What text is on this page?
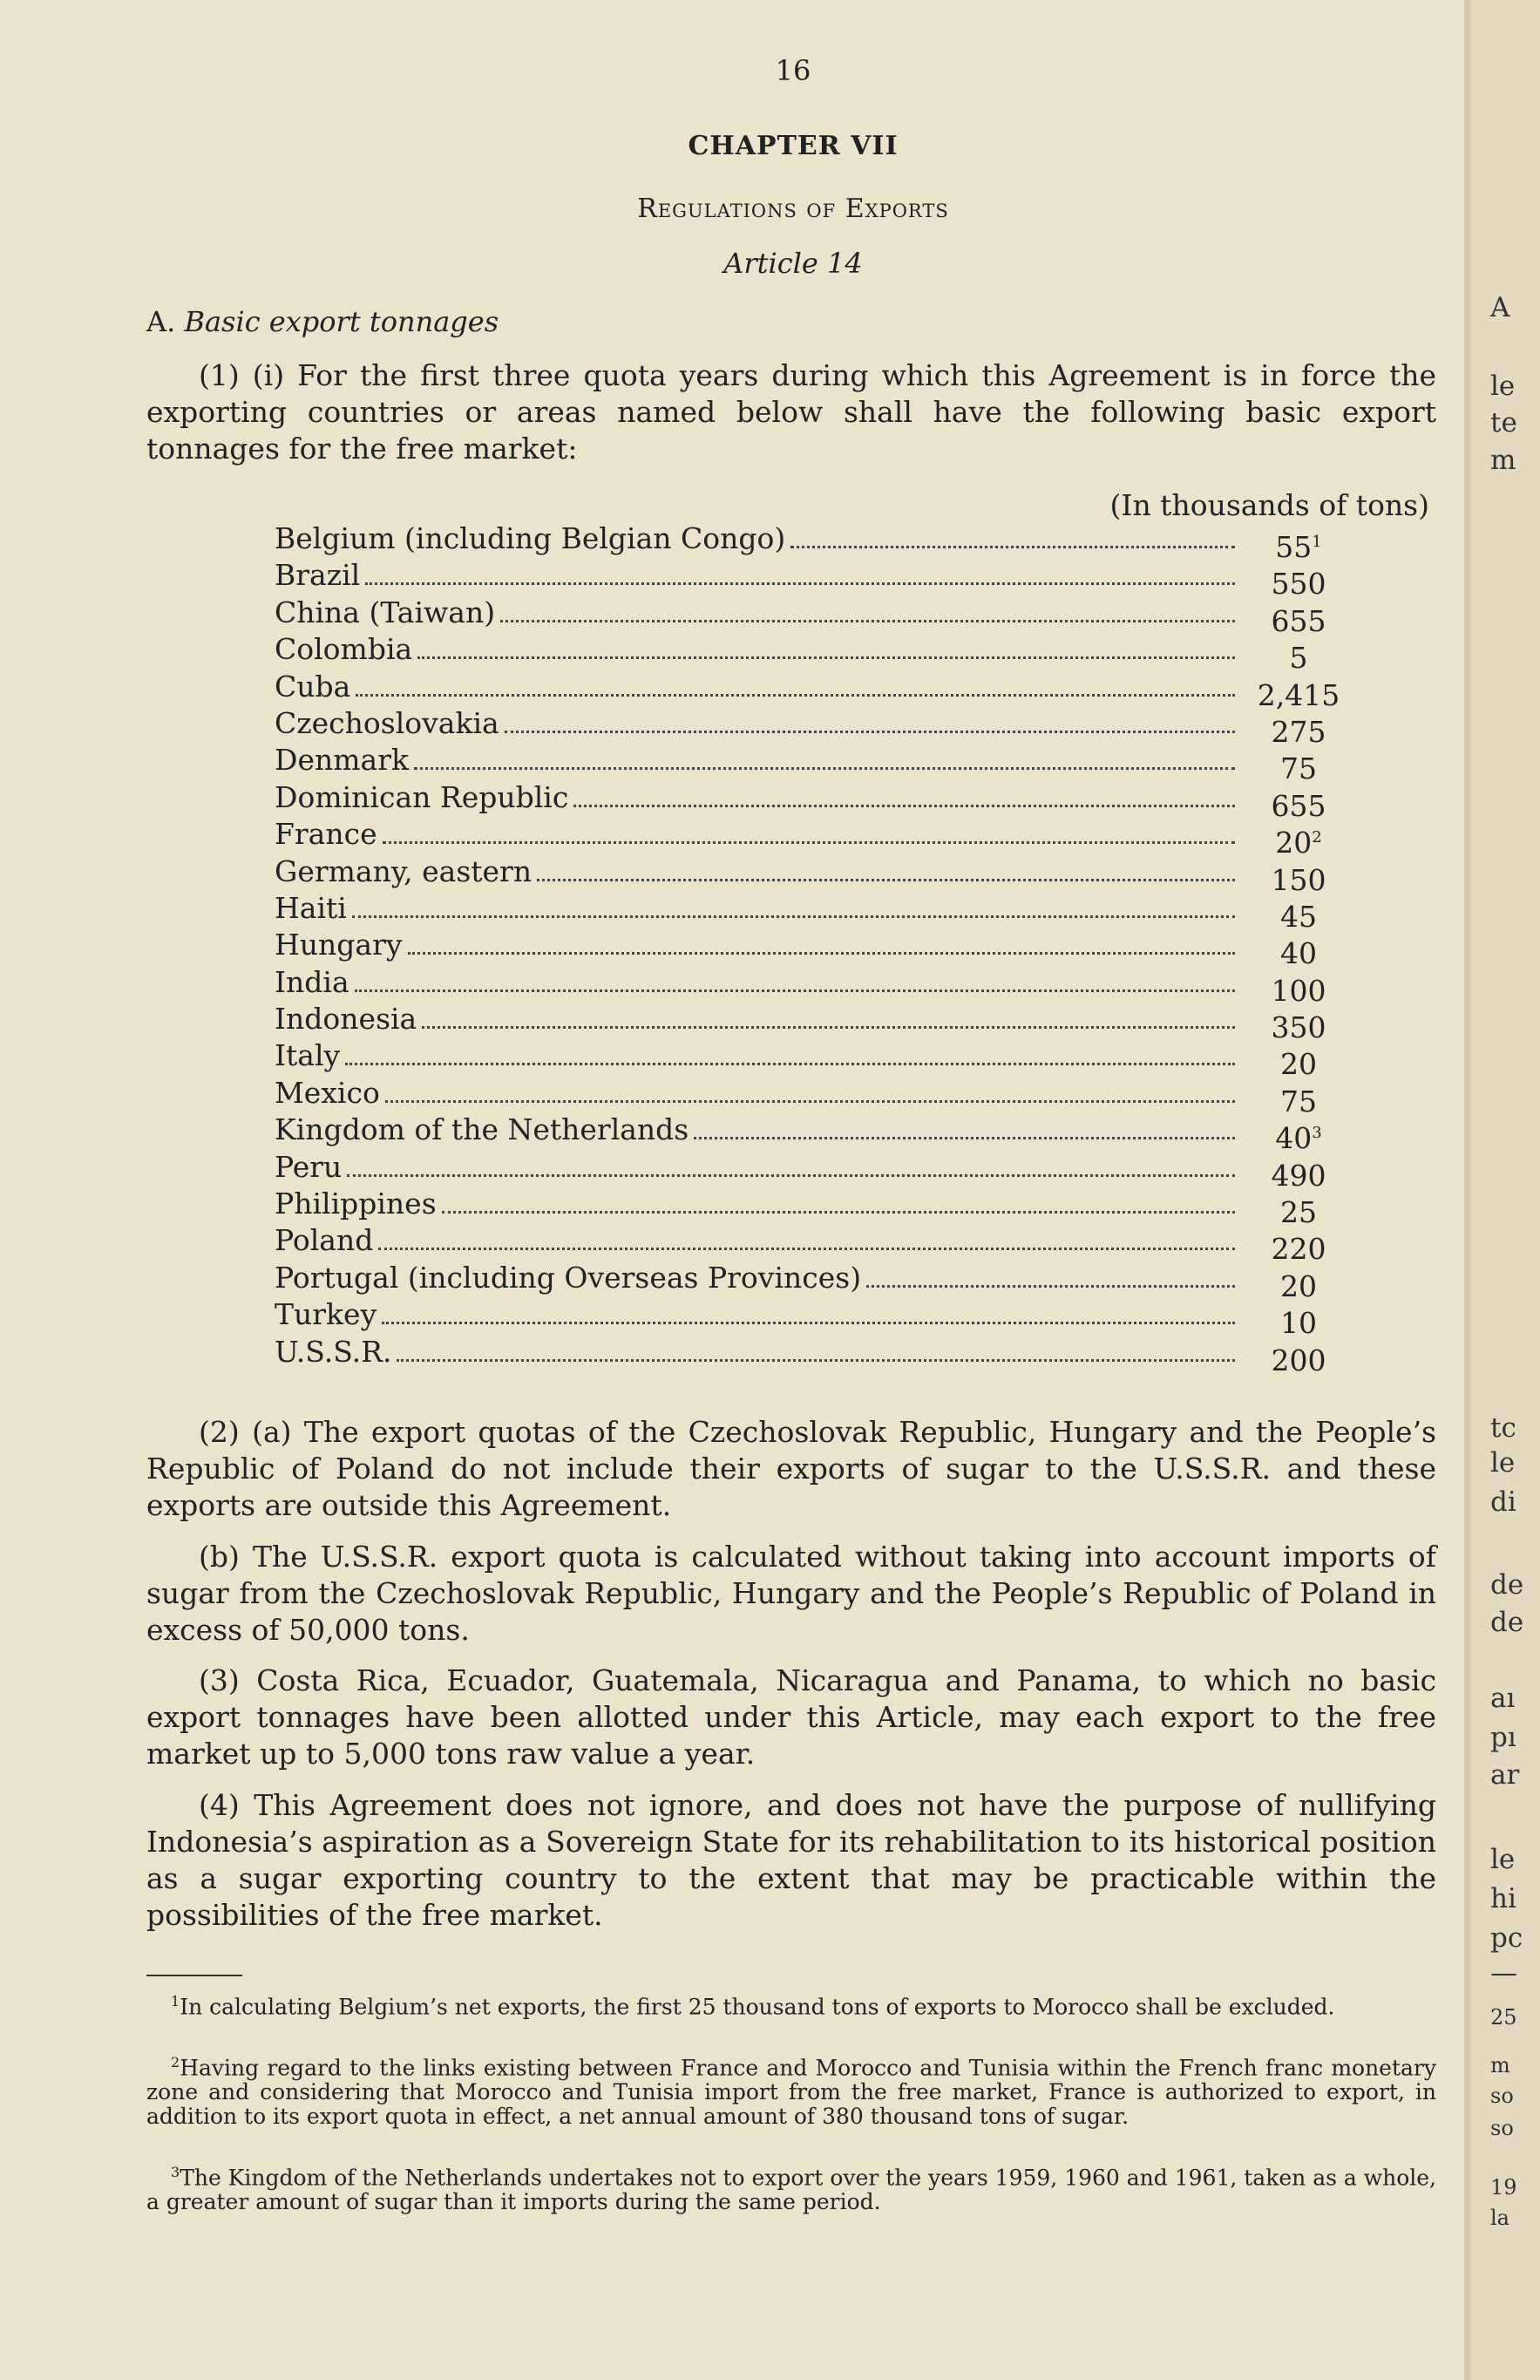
16
CHAPTER VII
Regulations of Exports
Article 14
A. Basic export tonnages

(1) (i) For the first three quota years during which this Agreement is in force the exporting countries or areas named below shall have the following basic export tonnages for the free market:

(In thousands of tons)
Belgium (including Belgian Congo)	$55^1$
Brazil	550
China (Taiwan)	655
Colombia	5
Cuba	2,415
Czechoslovakia	275
Denmark	75
Dominican Republic	655
France	$20^2$
Germany, eastern	150
Haiti	45
Hungary	40
India	100
Indonesia	350
Italy	20
Mexico	75
Kingdom of the Netherlands	$40^3$
Peru	490
Philippines	25
Poland	220
Portugal (including Overseas Provinces)	20
Turkey	10
U.S.S.R.	200

(2) (a) The export quotas of the Czechoslovak Republic, Hungary and the People’s Republic of Poland do not include their exports of sugar to the U.S.S.R. and these exports are outside this Agreement.

(b) The U.S.S.R. export quota is calculated without taking into account imports of sugar from the Czechoslovak Republic, Hungary and the People’s Republic of Poland in excess of 50,000 tons.

(3) Costa Rica, Ecuador, Guatemala, Nicaragua and Panama, to which no basic export tonnages have been allotted under this Article, may each export to the free market up to 5,000 tons raw value a year.

(4) This Agreement does not ignore, and does not have the purpose of nullifying Indonesia’s aspiration as a Sovereign State for its rehabilitation to its historical position as a sugar exporting country to the extent that may be practicable within the possibilities of the free market.

$^1$In calculating Belgium’s net exports, the first 25 thousand tons of exports to Morocco shall be excluded.

$^2$Having regard to the links existing between France and Morocco and Tunisia within the French franc monetary zone and considering that Morocco and Tunisia import from the free market, France is authorized to export, in addition to its export quota in effect, a net annual amount of 380 thousand tons of sugar.

$^3$The Kingdom of the Netherlands undertakes not to export over the years 1959, 1960 and 1961, taken as a whole, a greater amount of sugar than it imports during the same period.

A
le
te
m
tc
le
di
de
de
aı
pı
ar
le
hi
pc
—
25
m
so
so
19
la
